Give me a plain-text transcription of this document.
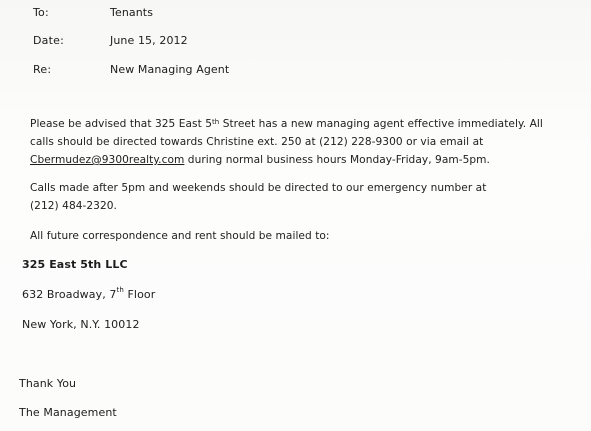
To:	Tenants
Date:	June 15, 2012
Re:	New Managing Agent
Please be advised that 325 East 5th Street has a new managing agent effective immediately. All
calls should be directed towards Christine ext. 250 at (212) 228-9300 or via email at
Cbermudez@9300realty.com during normal business hours Monday-Friday, 9am-5pm.
Calls made after 5pm and weekends should be directed to our emergency number at
(212) 484-2320.
All future correspondence and rent should be mailed to:
325 East 5th LLC
632 Broadway, 7th Floor
New York, N.Y. 10012
Thank You
The Management
